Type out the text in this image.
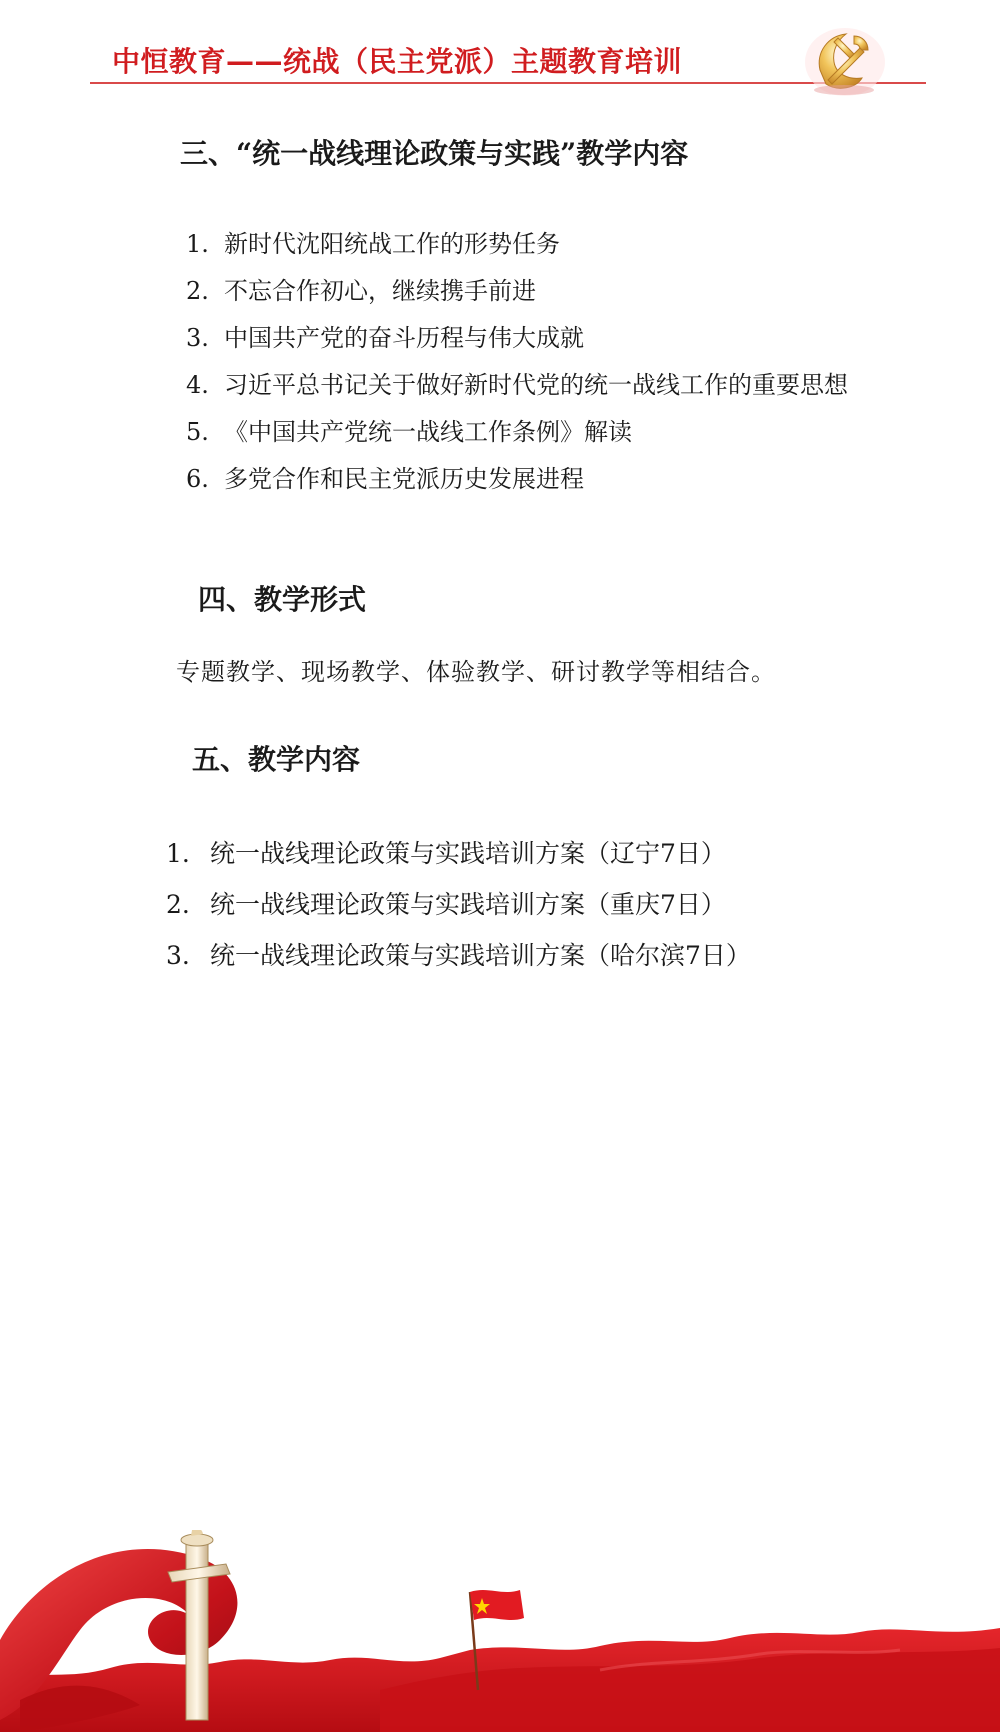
中恒教育——统战（民主党派）主题教育培训
三、“统一战线理论政策与实践”教学内容
1. 新时代沈阳统战工作的形势任务
2. 不忘合作初心，继续携手前进
3. 中国共产党的奋斗历程与伟大成就
4. 习近平总书记关于做好新时代党的统一战线工作的重要思想
5. 《中国共产党统一战线工作条例》解读
6. 多党合作和民主党派历史发展进程
四、教学形式
专题教学、现场教学、体验教学、研讨教学等相结合。
五、教学内容
1. 统一战线理论政策与实践培训方案（辽宁7日）
2. 统一战线理论政策与实践培训方案（重庆7日）
3. 统一战线理论政策与实践培训方案（哈尔滨7日）
